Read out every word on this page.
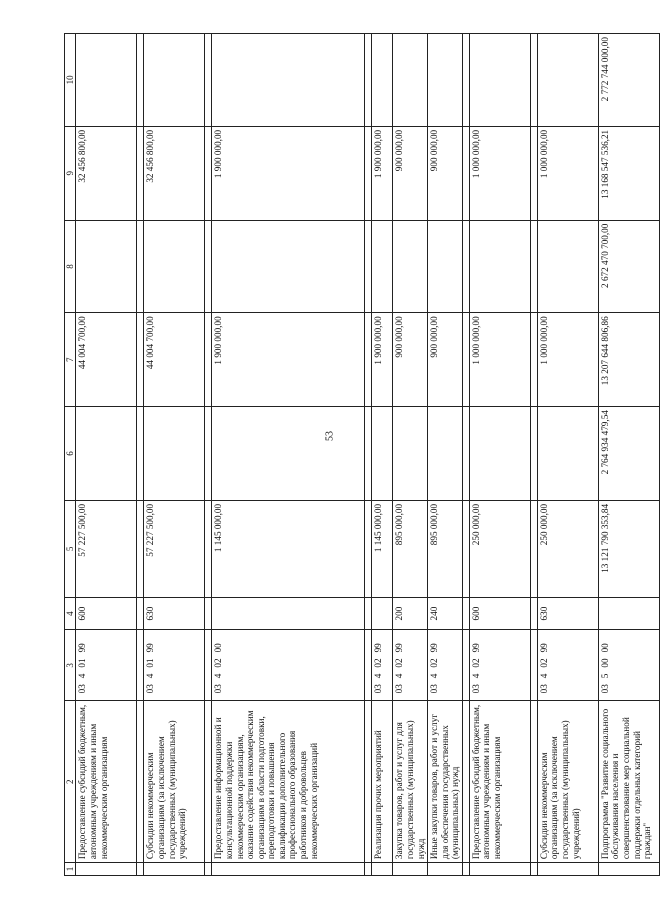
53
1	2	3	4	5	6	7	8	9	10
	Предоставление субсидий бюджетным, автономным учреждениям и иным некоммерческим организациям	0340199	600	57 227 500,00		44 004 700,00		32 456 800,00	

	Субсидии некоммерческим организациям (за исключением государственных (муниципальных) учреждений)	0340199	630	57 227 500,00		44 004 700,00		32 456 800,00	

	Предоставление информационной и консультационной поддержки некоммерческим организациям, оказание содействия некоммерческим организациям в области подготовки, переподготовки и повышения квалификации дополнительного профессионального образования работников и добровольцев некоммерческих организаций	0340200		1 145 000,00		1 900 000,00		1 900 000,00	

	Реализация прочих мероприятий	0340299		1 145 000,00		1 900 000,00		1 900 000,00	
	Закупка товаров, работ и услуг для государственных (муниципальных) нужд	0340299	200	895 000,00		900 000,00		900 000,00	
	Иные закупки товаров, работ и услуг для обеспечения государственных (муниципальных) нужд	0340299	240	895 000,00		900 000,00		900 000,00	

	Предоставление субсидий бюджетным, автономным учреждениям и иным некоммерческим организациям	0340299	600	250 000,00		1 000 000,00		1 000 000,00	

	Субсидии некоммерческим организациям (за исключением государственных (муниципальных) учреждений)	0340299	630	250 000,00		1 000 000,00		1 000 000,00	
	Подпрограмма "Развитие социального обслуживания населения и совершенствование мер социальной поддержки отдельных категорий граждан"	0350000		13 121 790 353,84	2 764 934 479,54	13 207 644 806,86	2 672 470 700,00	13 168 547 536,21	2 772 744 000,00
